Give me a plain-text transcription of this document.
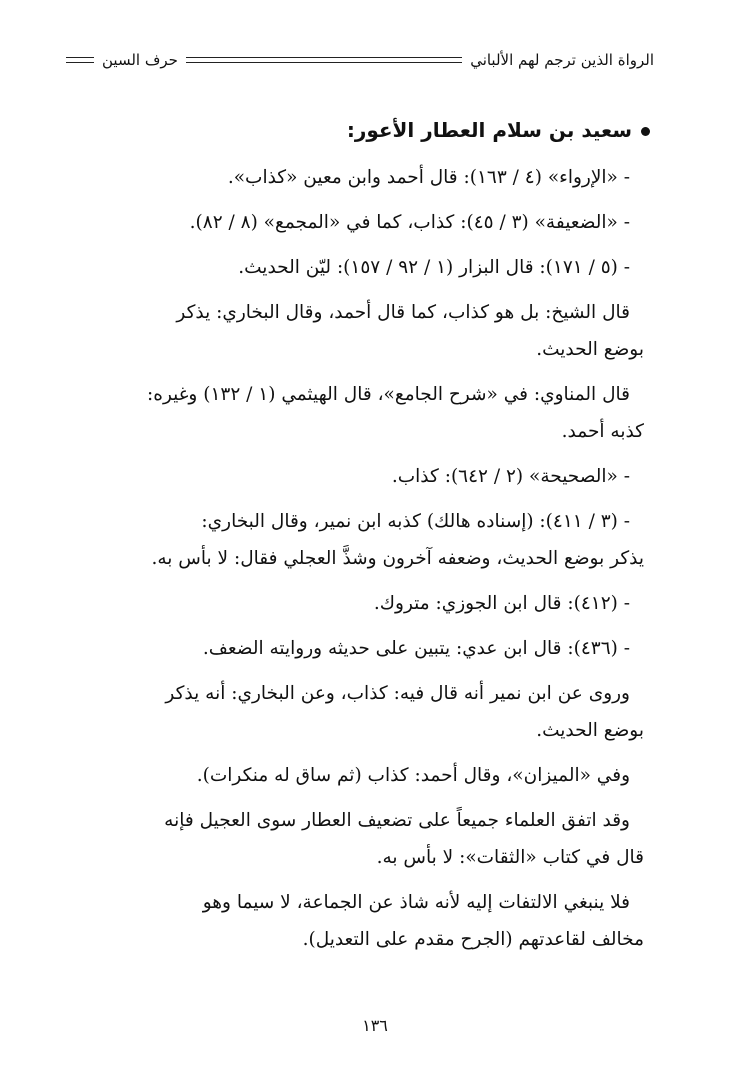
الرواة الذين ترجم لهم الألباني
حرف السين
سعيد بن سلام العطار الأعور:
- «الإرواء» (٤ / ١٦٣): قال أحمد وابن معين «كذاب».
- «الضعيفة» (٣ / ٤٥): كذاب، كما في «المجمع» (٨ / ٨٢).
- (٥ / ١٧١): قال البزار (١ / ٩٢ / ١٥٧): ليّن الحديث.
قال الشيخ: بل هو كذاب، كما قال أحمد، وقال البخاري: يذكر
بوضع الحديث.
قال المناوي: في «شرح الجامع»، قال الهيثمي (١ / ١٣٢) وغيره:
كذبه أحمد.
- «الصحيحة» (٢ / ٦٤٢): كذاب.
- (٣ / ٤١١): (إسناده هالك) كذبه ابن نمير، وقال البخاري:
يذكر بوضع الحديث، وضعفه آخرون وشذَّ العجلي فقال: لا بأس به.
- (٤١٢): قال ابن الجوزي: متروك.
- (٤٣٦): قال ابن عدي: يتبين على حديثه وروايته الضعف.
وروى عن ابن نمير أنه قال فيه: كذاب، وعن البخاري: أنه يذكر
بوضع الحديث.
وفي «الميزان»، وقال أحمد: كذاب (ثم ساق له منكرات).
وقد اتفق العلماء جميعاً على تضعيف العطار سوى العجيل فإنه
قال في كتاب «الثقات»: لا بأس به.
فلا ينبغي الالتفات إليه لأنه شاذ عن الجماعة، لا سيما وهو
مخالف لقاعدتهم (الجرح مقدم على التعديل).
١٣٦
